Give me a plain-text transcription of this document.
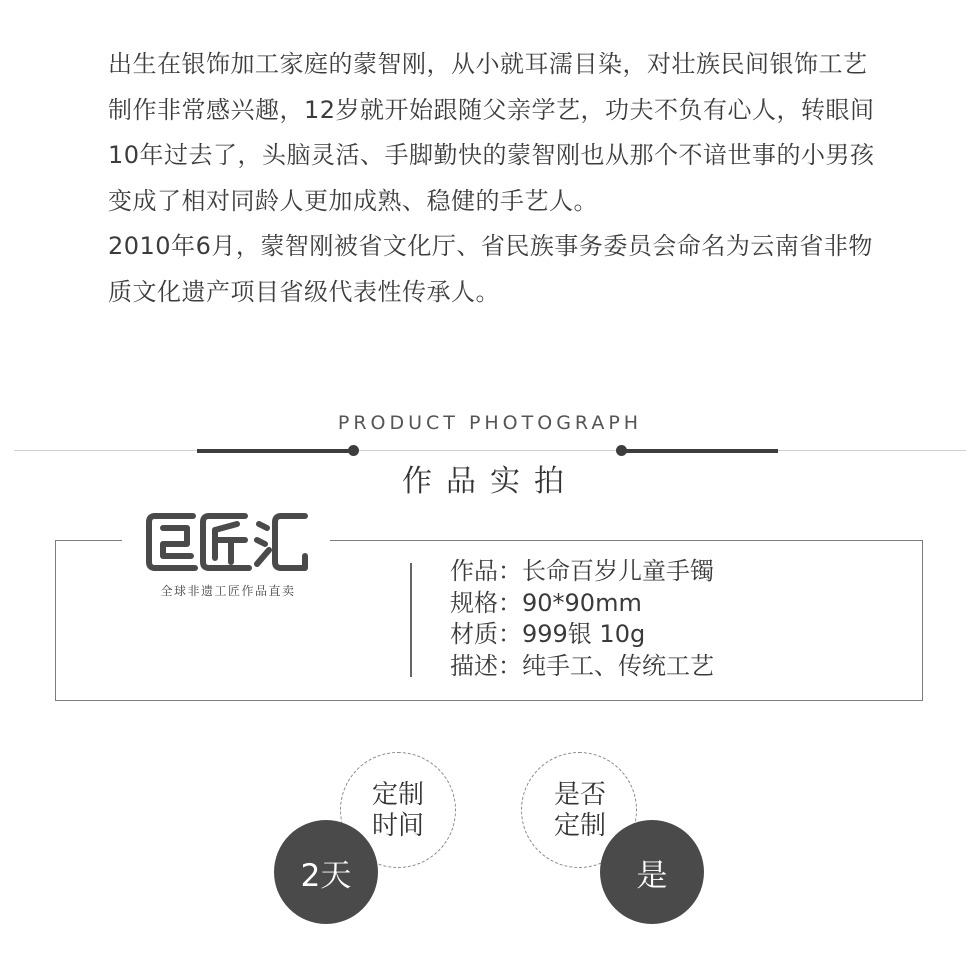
出生在银饰加工家庭的蒙智刚，从小就耳濡目染，对壮族民间银饰工艺制作非常感兴趣，12岁就开始跟随父亲学艺，功夫不负有心人，转眼间10年过去了，头脑灵活、手脚勤快的蒙智刚也从那个不谙世事的小男孩变成了相对同龄人更加成熟、稳健的手艺人。

2010年6月，蒙智刚被省文化厅、省民族事务委员会命名为云南省非物质文化遗产项目省级代表性传承人。

PRODUCT PHOTOGRAPH
作品实拍
全球非遗工匠作品直卖
作品：长命百岁儿童手镯
规格：90*90mm
材质：999银 10g
描述：纯手工、传统工艺
定制
时间
2天
是否
定制
是
